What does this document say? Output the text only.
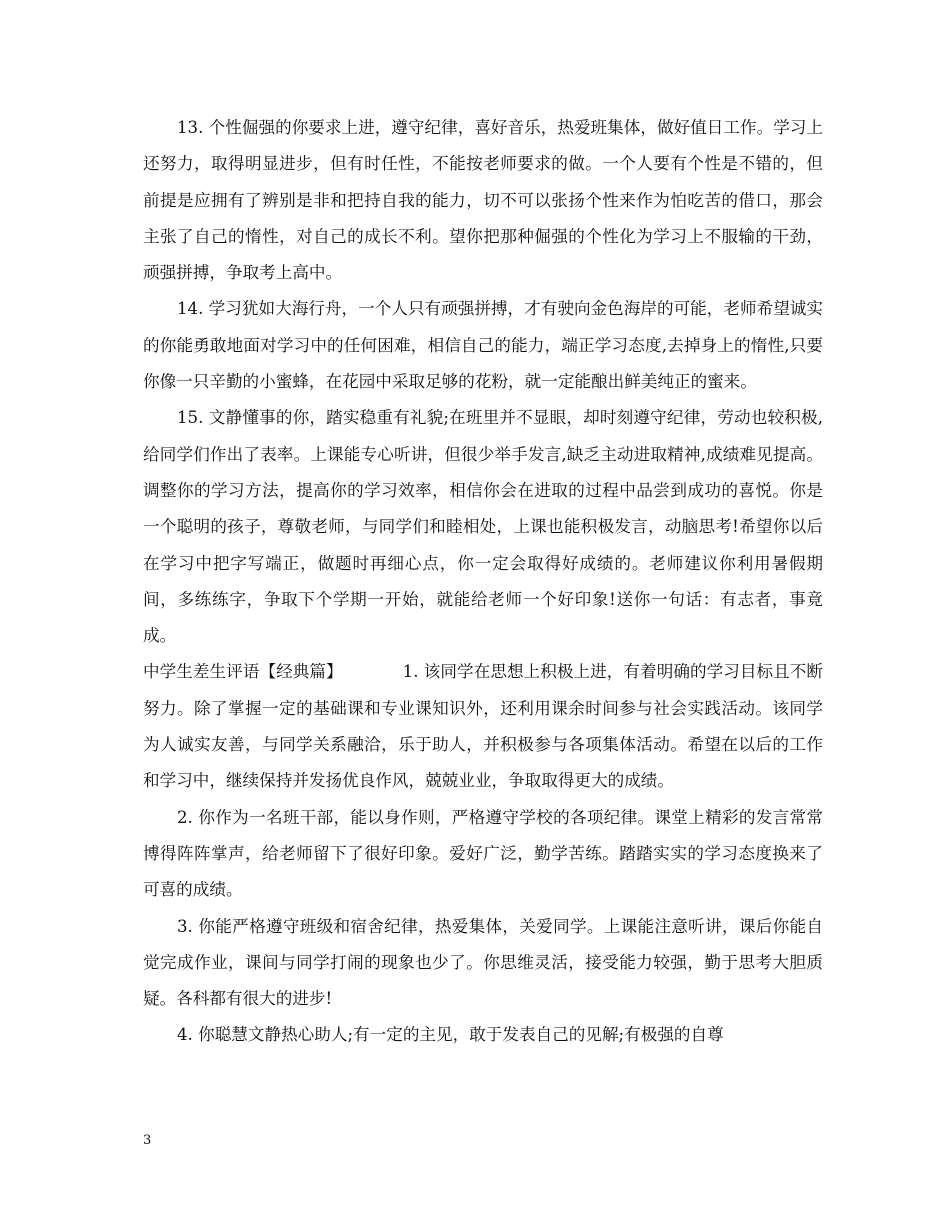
13. 个性倔强的你要求上进，遵守纪律，喜好音乐，热爱班集体，做好值日工作。学习上还努力，取得明显进步，但有时任性，不能按老师要求的做。一个人要有个性是不错的，但前提是应拥有了辨别是非和把持自我的能力，切不可以张扬个性来作为怕吃苦的借口，那会主张了自己的惰性，对自己的成长不利。望你把那种倔强的个性化为学习上不服输的干劲，顽强拼搏，争取考上高中。

14. 学习犹如大海行舟，一个人只有顽强拼搏，才有驶向金色海岸的可能，老师希望诚实的你能勇敢地面对学习中的任何困难，相信自己的能力，端正学习态度,去掉身上的惰性,只要你像一只辛勤的小蜜蜂，在花园中采取足够的花粉，就一定能酿出鲜美纯正的蜜来。

15. 文静懂事的你，踏实稳重有礼貌;在班里并不显眼，却时刻遵守纪律，劳动也较积极,给同学们作出了表率。上课能专心听讲，但很少举手发言,缺乏主动进取精神,成绩难见提高。调整你的学习方法，提高你的学习效率，相信你会在进取的过程中品尝到成功的喜悦。你是一个聪明的孩子，尊敬老师，与同学们和睦相处，上课也能积极发言，动脑思考!希望你以后在学习中把字写端正，做题时再细心点，你一定会取得好成绩的。老师建议你利用暑假期间，多练练字，争取下个学期一开始，就能给老师一个好印象!送你一句话：有志者，事竟成。

中学生差生评语【经典篇】	1. 该同学在思想上积极上进，有着明确的学习目标且不断努力。除了掌握一定的基础课和专业课知识外，还利用课余时间参与社会实践活动。该同学为人诚实友善，与同学关系融洽，乐于助人，并积极参与各项集体活动。希望在以后的工作和学习中，继续保持并发扬优良作风，兢兢业业，争取取得更大的成绩。

2. 你作为一名班干部，能以身作则，严格遵守学校的各项纪律。课堂上精彩的发言常常博得阵阵掌声，给老师留下了很好印象。爱好广泛，勤学苦练。踏踏实实的学习态度换来了可喜的成绩。

3. 你能严格遵守班级和宿舍纪律，热爱集体，关爱同学。上课能注意听讲，课后你能自觉完成作业，课间与同学打闹的现象也少了。你思维灵活，接受能力较强，勤于思考大胆质疑。各科都有很大的进步!

4. 你聪慧文静热心助人;有一定的主见，敢于发表自己的见解;有极强的自尊

3
